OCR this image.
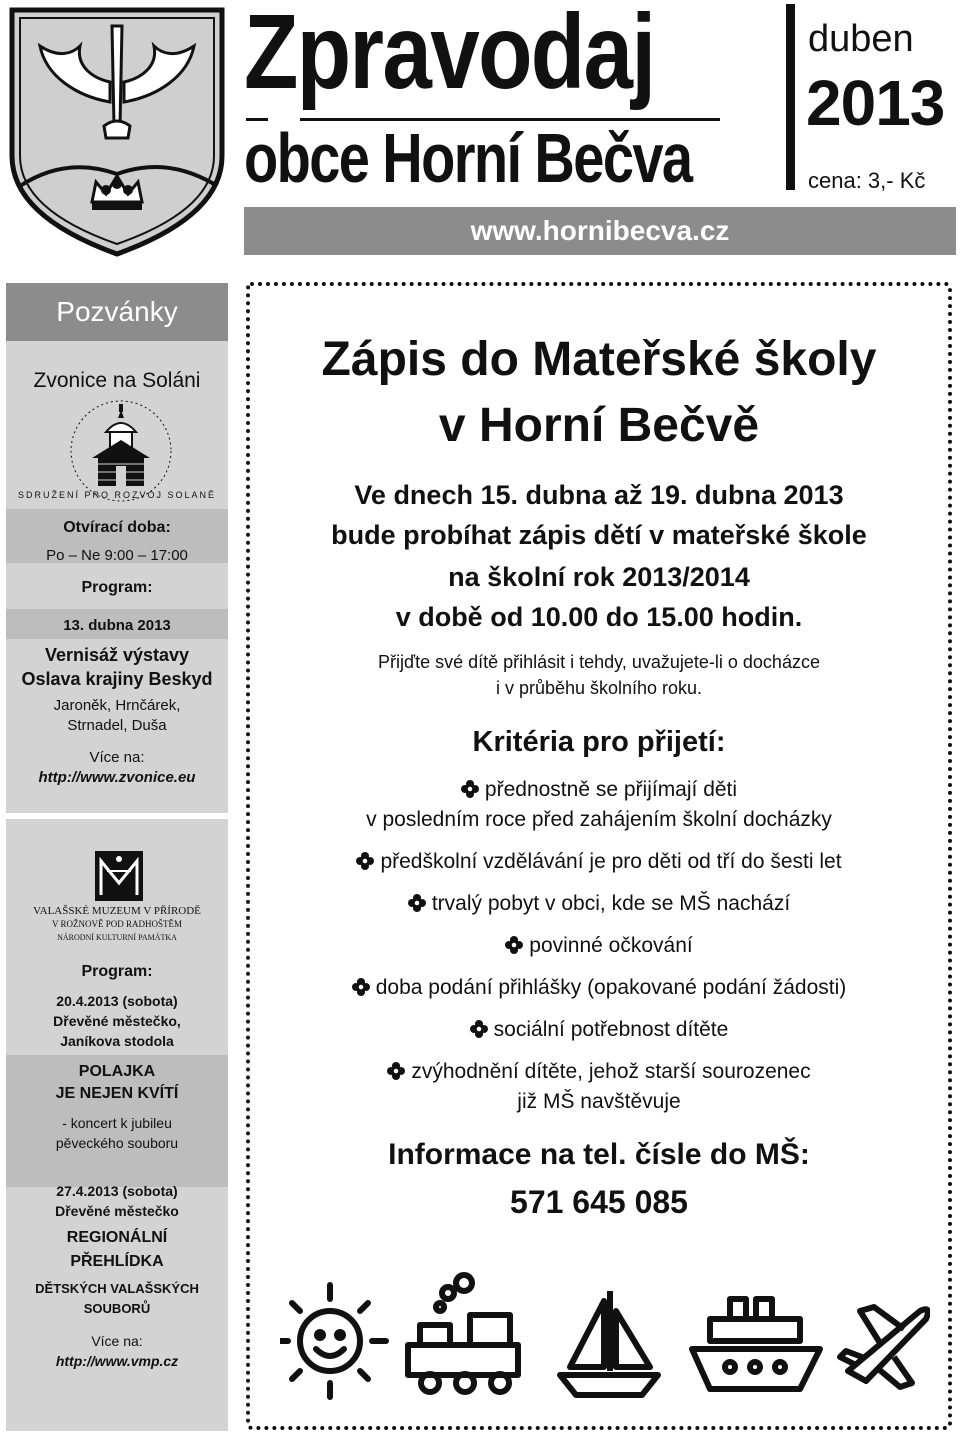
Zpravodaj
obce Horní Bečva
duben
2013
cena: 3,- Kč
www.hornibecva.cz
Pozvánky
Zvonice na Soláni
SDRUŽENÍ PRO ROZVOJ SOLANĚ
Otvírací doba:
Po – Ne 9:00 – 17:00
Program:
13. dubna 2013
Vernisáž výstavy
Oslava krajiny Beskyd
Jaroněk, Hrnčárek,
Strnadel, Duša
Více na:
http://www.zvonice.eu
VALAŠSKÉ MUZEUM V PŘÍRODĚ
V ROŽNOVĚ POD RADHOŠTĚM
NÁRODNÍ KULTURNÍ PAMÁTKA
Program:
20.4.2013 (sobota)
Dřevěné městečko,
Janíkova stodola
POLAJKA
JE NEJEN KVÍTÍ
- koncert k jubileu
pěveckého souboru
27.4.2013 (sobota)
Dřevěné městečko
REGIONÁLNÍ
PŘEHLÍDKA
DĚTSKÝCH VALAŠSKÝCH
SOUBORŮ
Více na:
http://www.vmp.cz
Zápis do Mateřské školy
v Horní Bečvě
Ve dnech 15. dubna až 19. dubna 2013
bude probíhat zápis dětí v mateřské škole
na školní rok 2013/2014
v době od 10.00 do 15.00 hodin.
Přijďte své dítě přihlásit i tehdy, uvažujete-li o docházce
i v průběhu školního roku.
Kritéria pro přijetí:
přednostně se přijímají děti
v posledním roce před zahájením školní docházky
předškolní vzdělávání je pro děti od tří do šesti let
trvalý pobyt v obci, kde se MŠ nachází
povinné očkování
doba podání přihlášky (opakované podání žádosti)
sociální potřebnost dítěte
zvýhodnění dítěte, jehož starší sourozenec
již MŠ navštěvuje
Informace na tel. čísle do MŠ:
571 645 085
